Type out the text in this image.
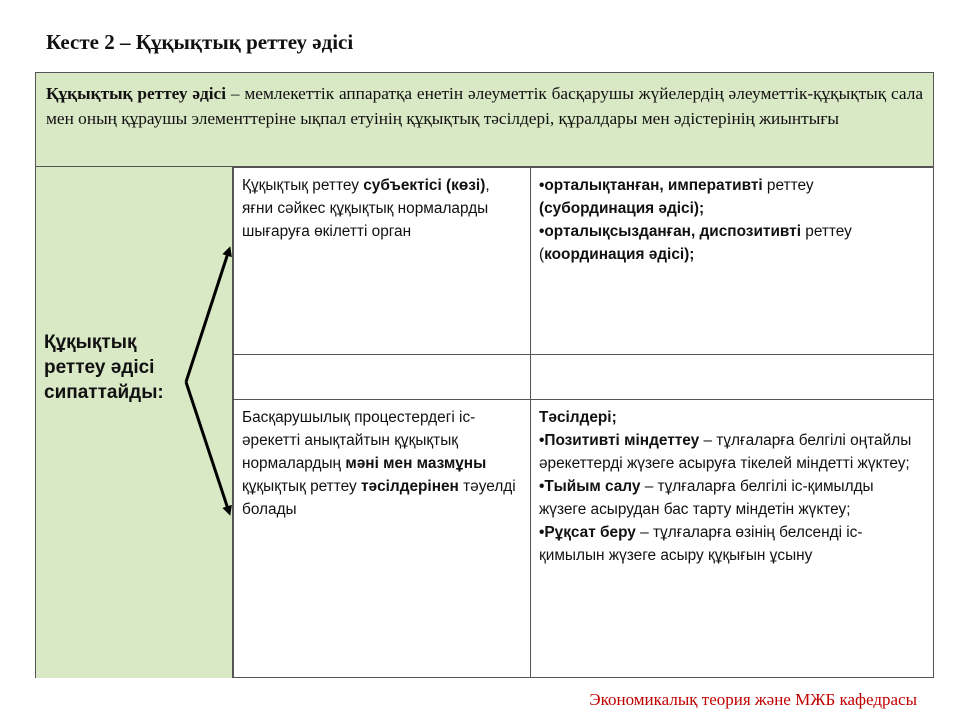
Кесте 2 – Құқықтық реттеу әдісі
Құқықтық реттеу әдісі – мемлекеттік аппаратқа енетін әлеуметтік басқарушы жүйелердің әлеуметтік-құқықтық сала мен оның құраушы элементтеріне ықпал етуінің құқықтық тәсілдері, құралдары мен әдістерінің жиынтығы
Құқықтық
реттеу әдісі
сипаттайды:

Құқықтық реттеу субъектісі (көзі), яғни сәйкес құқықтық нормаларды шығаруға өкілетті орган

•орталықтанған, императивті реттеу (субординация әдісі);

•орталықсызданған, диспозитивті реттеу (координация әдісі);

Басқарушылық процестердегі іс-әрекетті анықтайтын құқықтық нормалардың мәні мен мазмұны құқықтық реттеу тәсілдерінен тәуелді болады

Тәсілдері;

•Позитивті міндеттеу – тұлғаларға белгілі оңтайлы әрекеттерді жүзеге асыруға тікелей міндетті жүктеу;

•Тыйым салу – тұлғаларға белгілі іс-қимылды жүзеге асырудан бас тарту міндетін жүктеу;

•Рұқсат беру – тұлғаларға өзінің белсенді іс-қимылын жүзеге асыру құқығын ұсыну

Экономикалық теория және МЖБ кафедрасы
